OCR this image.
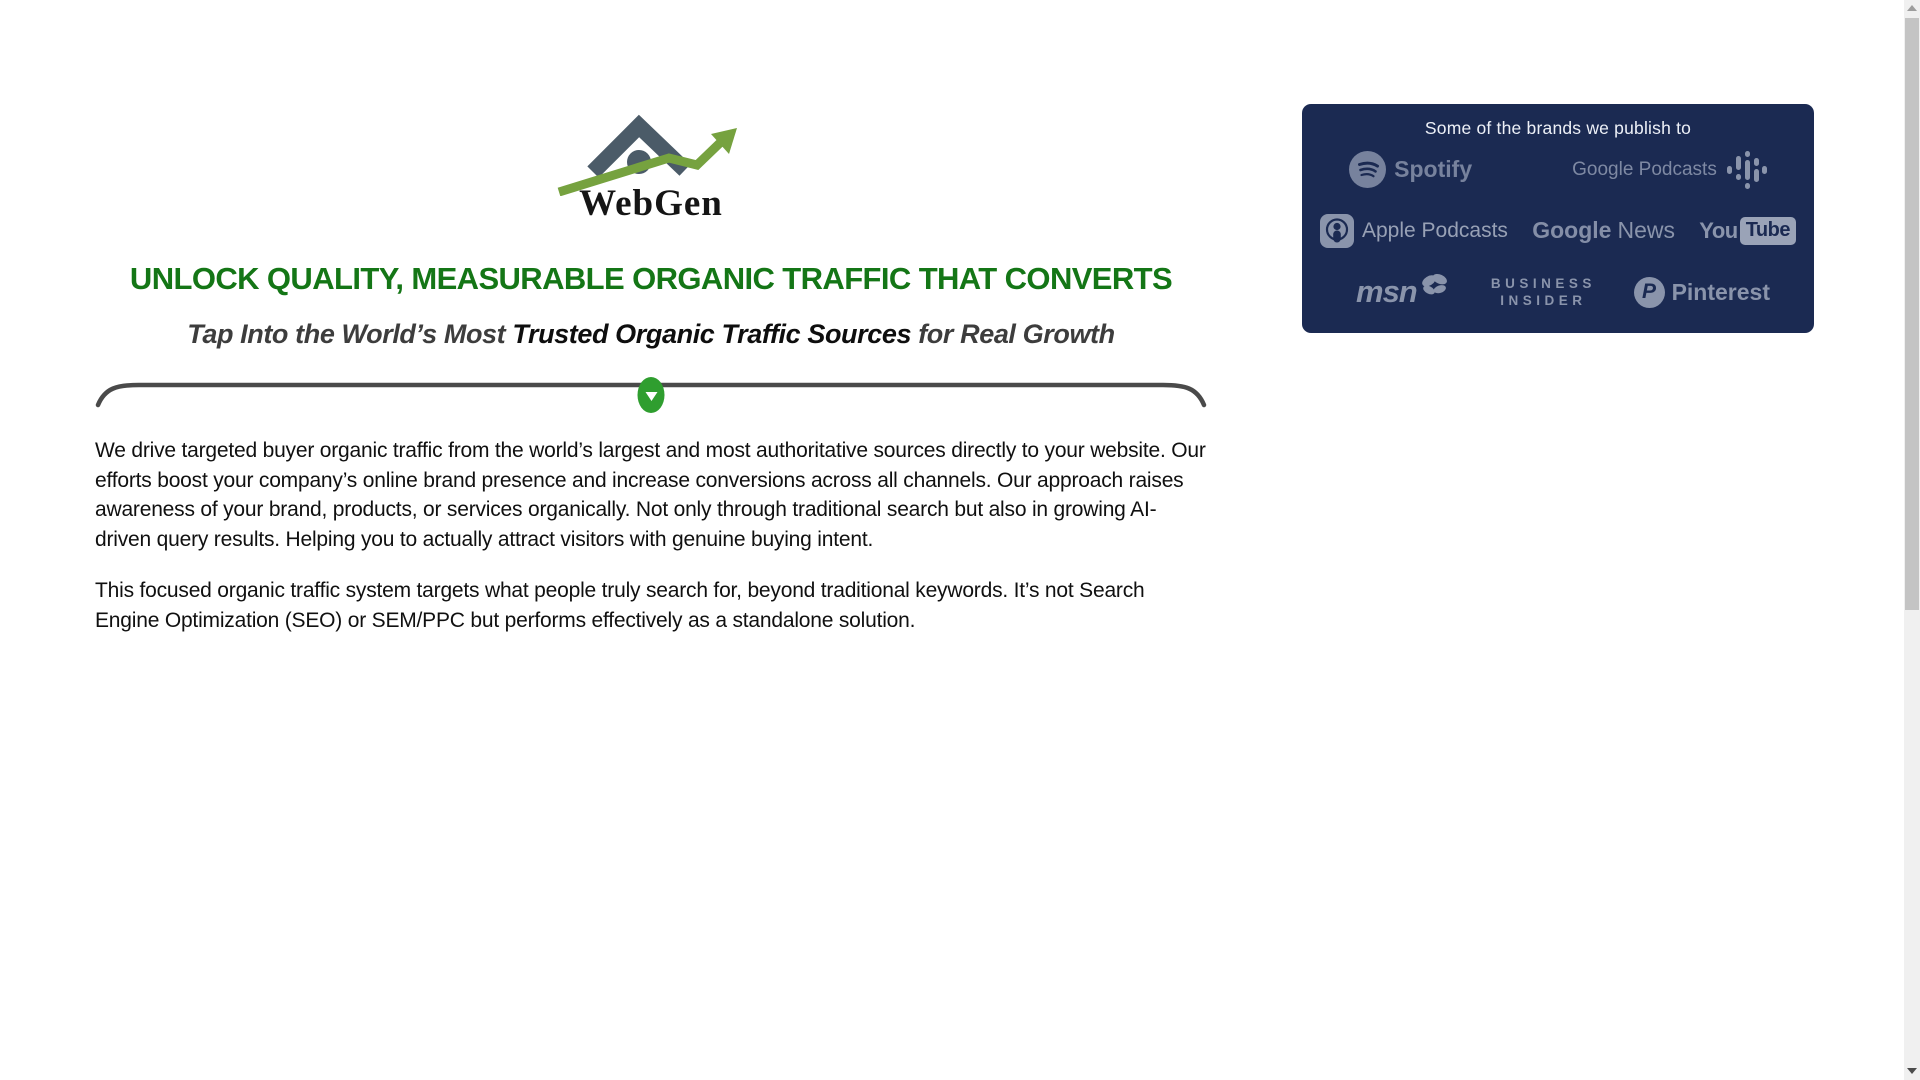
WebGen
UNLOCK QUALITY, MEASURABLE ORGANIC TRAFFIC THAT CONVERTS
Tap Into the World’s Most Trusted Organic Traffic Sources for Real Growth

We drive targeted buyer organic traffic from the world’s largest and most authoritative sources directly to your website. Our efforts boost your company’s online brand presence and increase conversions across all channels. Our approach raises awareness of your brand, products, or services organically. Not only through traditional search but also in growing AI-driven query results. Helping you to actually attract visitors with genuine buying intent.

This focused organic traffic system targets what people truly search for, beyond traditional keywords. It’s not Search Engine Optimization (SEO) or SEM/PPC but performs effectively as a standalone solution.

Some of the brands we publish to
Spotify	Google Podcasts
Apple Podcasts Google News You Tube
msn	BUSINESS
INSIDER	P Pinterest
